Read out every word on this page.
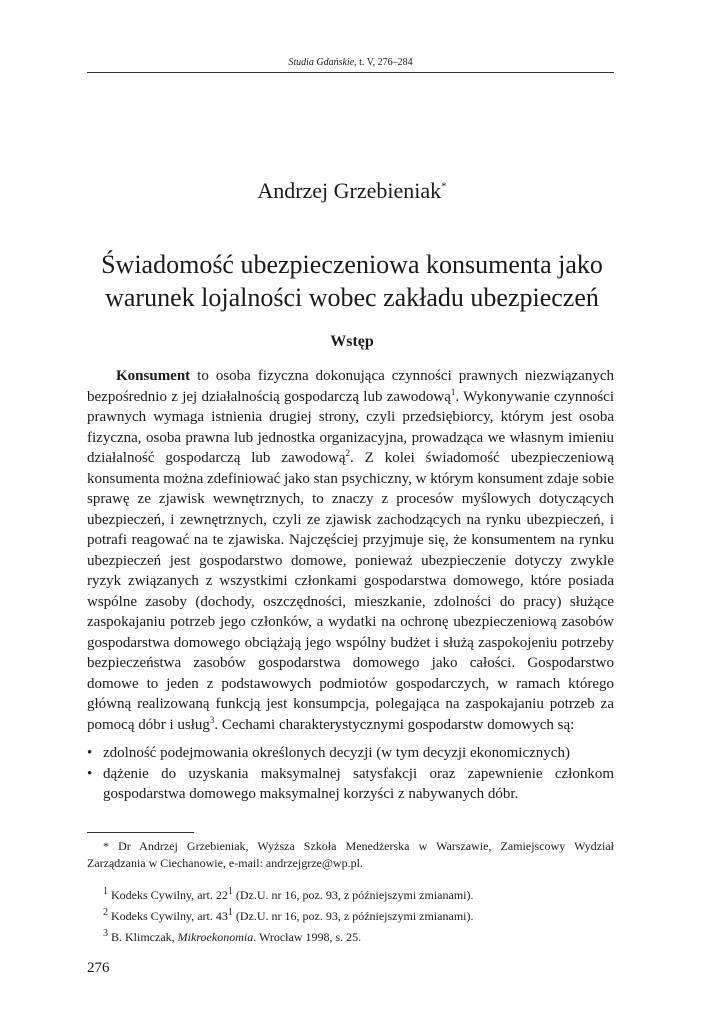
Studia Gdańskie, t. V, 276–284
Andrzej Grzebieniak*
Świadomość ubezpieczeniowa konsumenta jako warunek lojalności wobec zakładu ubezpieczeń
Wstęp

Konsument to osoba fizyczna dokonująca czynności prawnych niezwiązanych bezpośrednio z jej działalnością gospodarczą lub zawodową$^1$. Wykonywanie czynności prawnych wymaga istnienia drugiej strony, czyli przedsiębiorcy, którym jest osoba fizyczna, osoba prawna lub jednostka organizacyjna, prowadząca we własnym imieniu działalność gospodarczą lub zawodową$^2$. Z kolei świadomość ubezpieczeniową konsumenta można zdefiniować jako stan psychiczny, w którym konsument zdaje sobie sprawę ze zjawisk wewnętrznych, to znaczy z procesów myślowych dotyczących ubezpieczeń, i zewnętrznych, czyli ze zjawisk zachodzących na rynku ubezpieczeń, i potrafi reagować na te zjawiska. Najczęściej przyjmuje się, że konsumentem na rynku ubezpieczeń jest gospodarstwo domowe, ponieważ ubezpieczenie dotyczy zwykle ryzyk związanych z wszystkimi członkami gospodarstwa domowego, które posiada wspólne zasoby (dochody, oszczędności, mieszkanie, zdolności do pracy) służące zaspokajaniu potrzeb jego członków, a wydatki na ochronę ubezpieczeniową zasobów gospodarstwa domowego obciążają jego wspólny budżet i służą zaspokojeniu potrzeby bezpieczeństwa zasobów gospodarstwa domowego jako całości. Gospodarstwo domowe to jeden z podstawowych podmiotów gospodarczych, w ramach którego główną realizowaną funkcją jest konsumpcja, polegająca na zaspokajaniu potrzeb za pomocą dóbr i usług$^3$. Cechami charakterystycznymi gospodarstw domowych są:

• zdolność podejmowania określonych decyzji (w tym decyzji ekonomicznych)
• dążenie do uzyskania maksymalnej satysfakcji oraz zapewnienie członkom gospodarstwa domowego maksymalnej korzyści z nabywanych dóbr.

* Dr Andrzej Grzebieniak, Wyższa Szkoła Menedżerska w Warszawie, Zamiejscowy Wydział Zarządzania w Ciechanowie, e-mail: andrzejgrze@wp.pl.

$^1$ Kodeks Cywilny, art. $22^1$ (Dz.U. nr 16, poz. 93, z późniejszymi zmianami).
$^2$ Kodeks Cywilny, art. $43^1$ (Dz.U. nr 16, poz. 93, z późniejszymi zmianami).
$^3$ B. Klimczak, Mikroekonomia. Wrocław 1998, s. 25.
276
